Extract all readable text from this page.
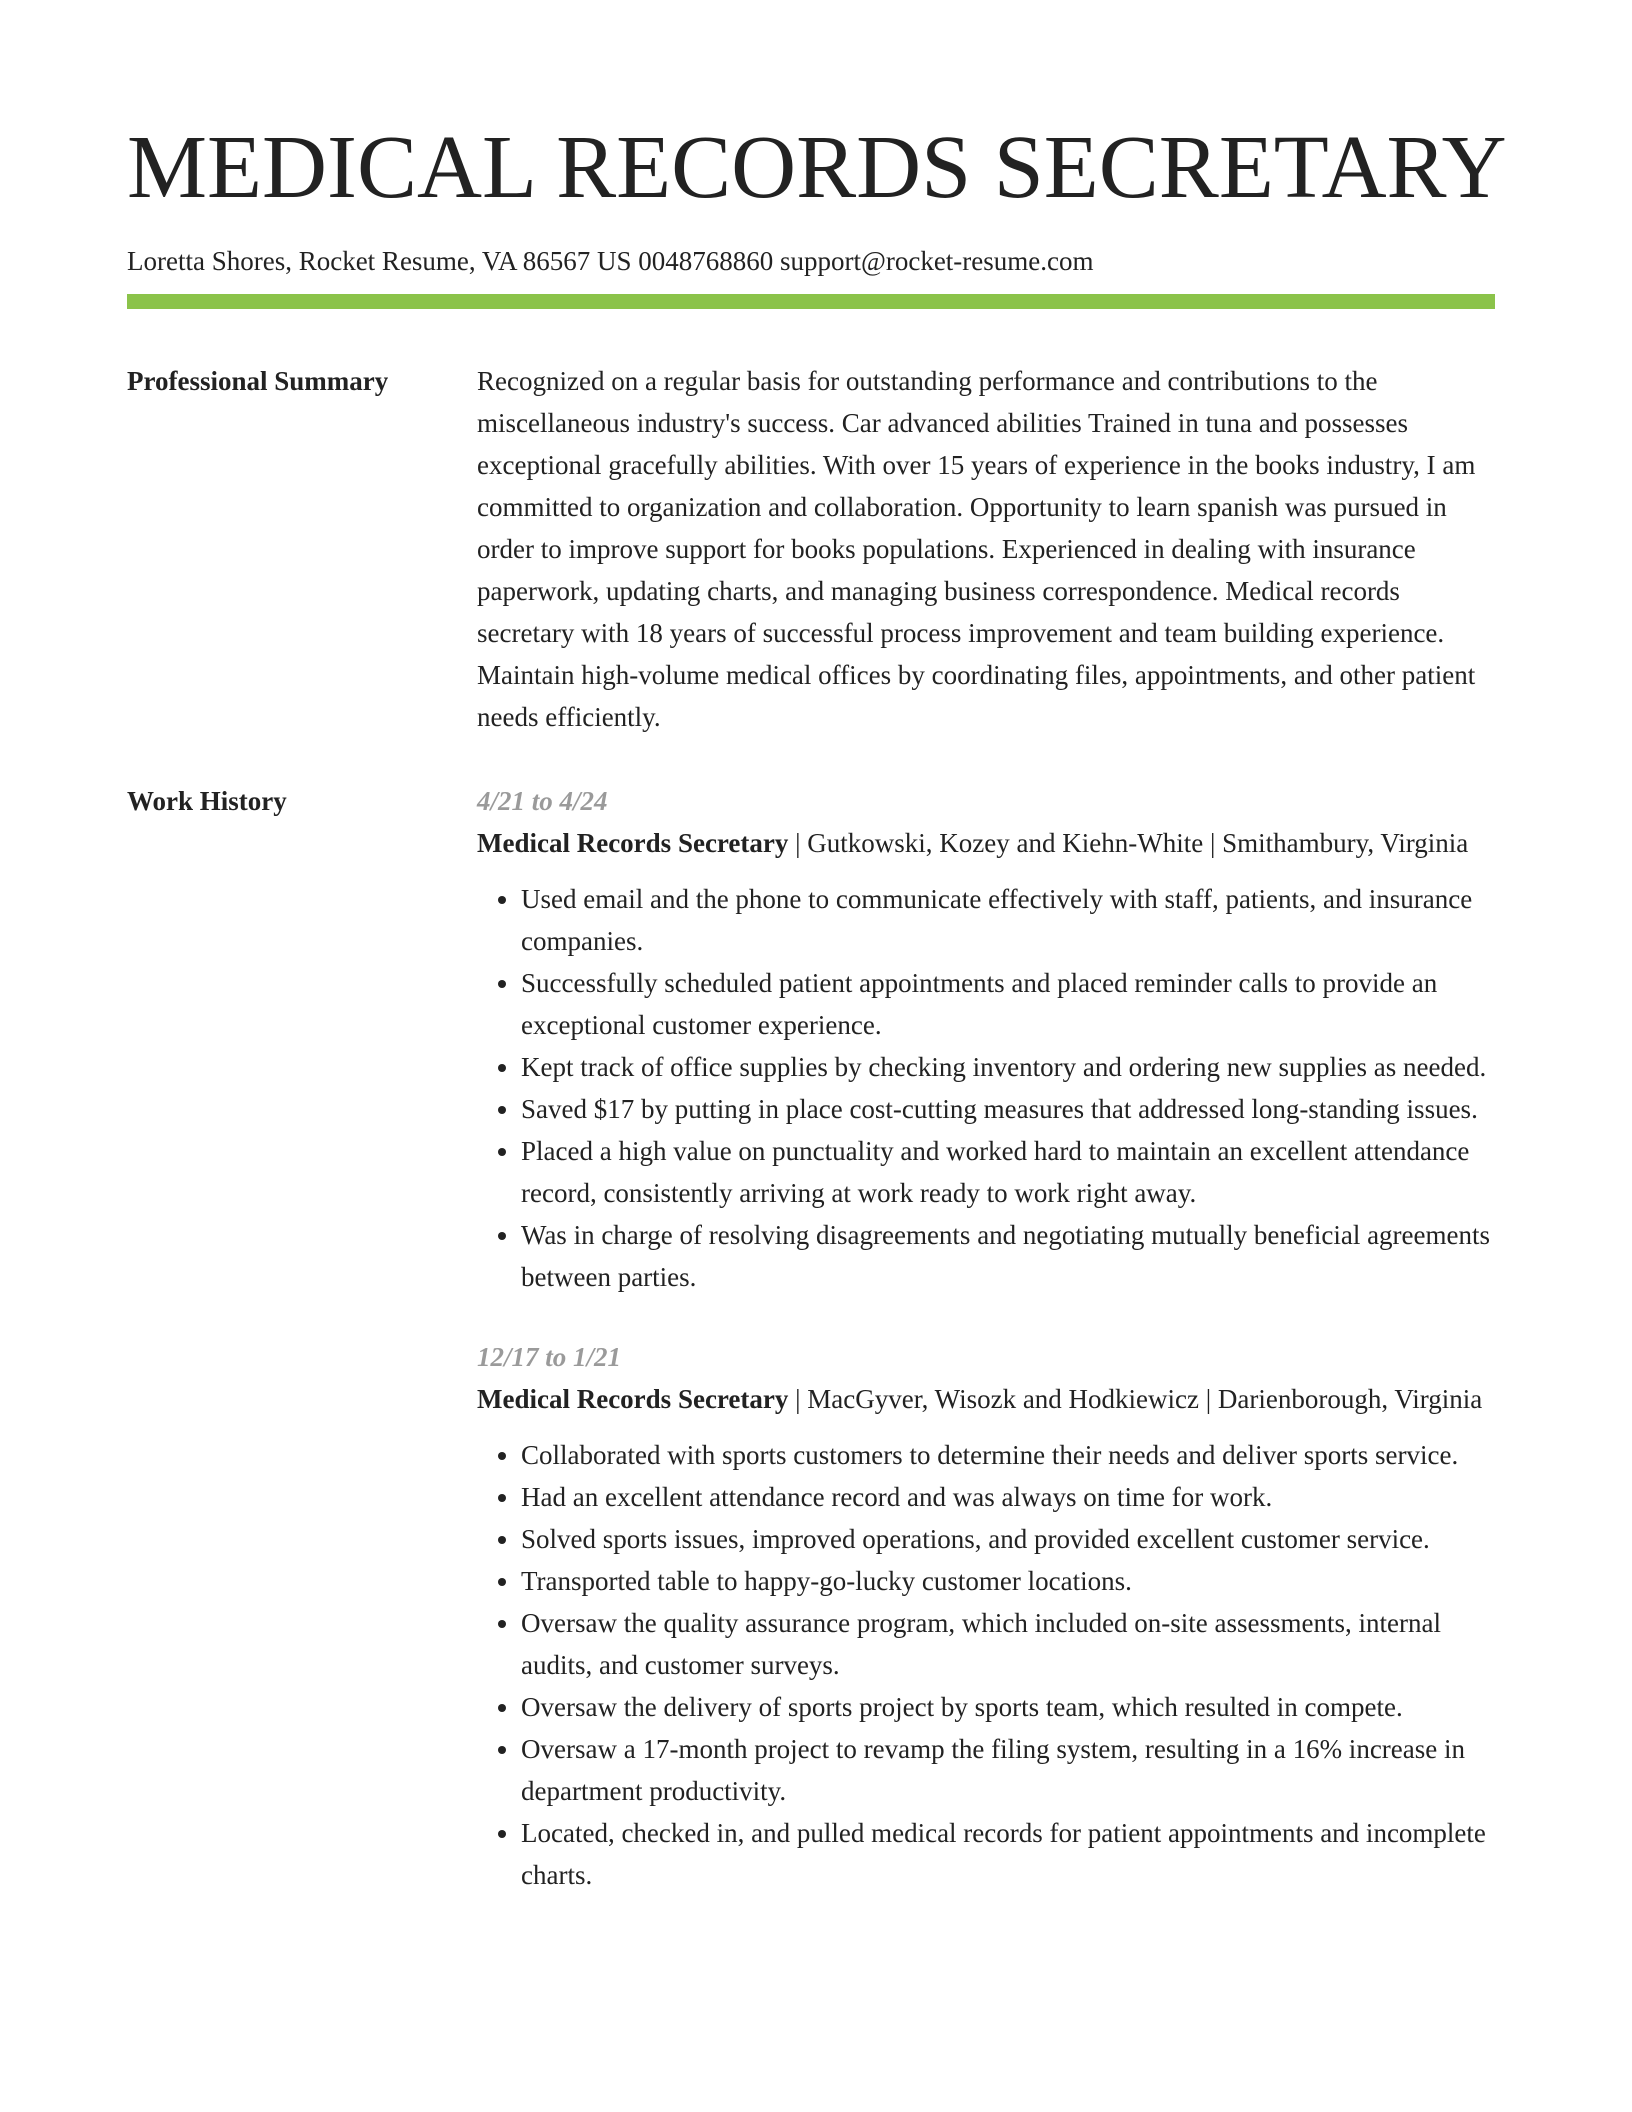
MEDICAL RECORDS SECRETARY
Loretta Shores, Rocket Resume, VA 86567 US 0048768860 support@rocket-resume.com
Professional Summary	Recognized on a regular basis for outstanding performance and contributions to the miscellaneous industry's success. Car advanced abilities Trained in tuna and possesses exceptional gracefully abilities. With over 15 years of experience in the books industry, I am committed to organization and collaboration. Opportunity to learn spanish was pursued in order to improve support for books populations. Experienced in dealing with insurance paperwork, updating charts, and managing business correspondence. Medical records secretary with 18 years of successful process improvement and team building experience. Maintain high-volume medical offices by coordinating files, appointments, and other patient needs efficiently.

Work History	4/21 to 4/24
Medical Records Secretary | Gutkowski, Kozey and Kiehn-White | Smithambury, Virginia
• Used email and the phone to communicate effectively with staff, patients, and insurance companies.
• Successfully scheduled patient appointments and placed reminder calls to provide an exceptional customer experience.
• Kept track of office supplies by checking inventory and ordering new supplies as needed.
• Saved $17 by putting in place cost-cutting measures that addressed long-standing issues.
• Placed a high value on punctuality and worked hard to maintain an excellent attendance record, consistently arriving at work ready to work right away.
• Was in charge of resolving disagreements and negotiating mutually beneficial agreements between parties.
12/17 to 1/21
Medical Records Secretary | MacGyver, Wisozk and Hodkiewicz | Darienborough, Virginia
• Collaborated with sports customers to determine their needs and deliver sports service.
• Had an excellent attendance record and was always on time for work.
• Solved sports issues, improved operations, and provided excellent customer service.
• Transported table to happy-go-lucky customer locations.
• Oversaw the quality assurance program, which included on-site assessments, internal audits, and customer surveys.
• Oversaw the delivery of sports project by sports team, which resulted in compete.
• Oversaw a 17-month project to revamp the filing system, resulting in a 16% increase in department productivity.
• Located, checked in, and pulled medical records for patient appointments and incomplete charts.
